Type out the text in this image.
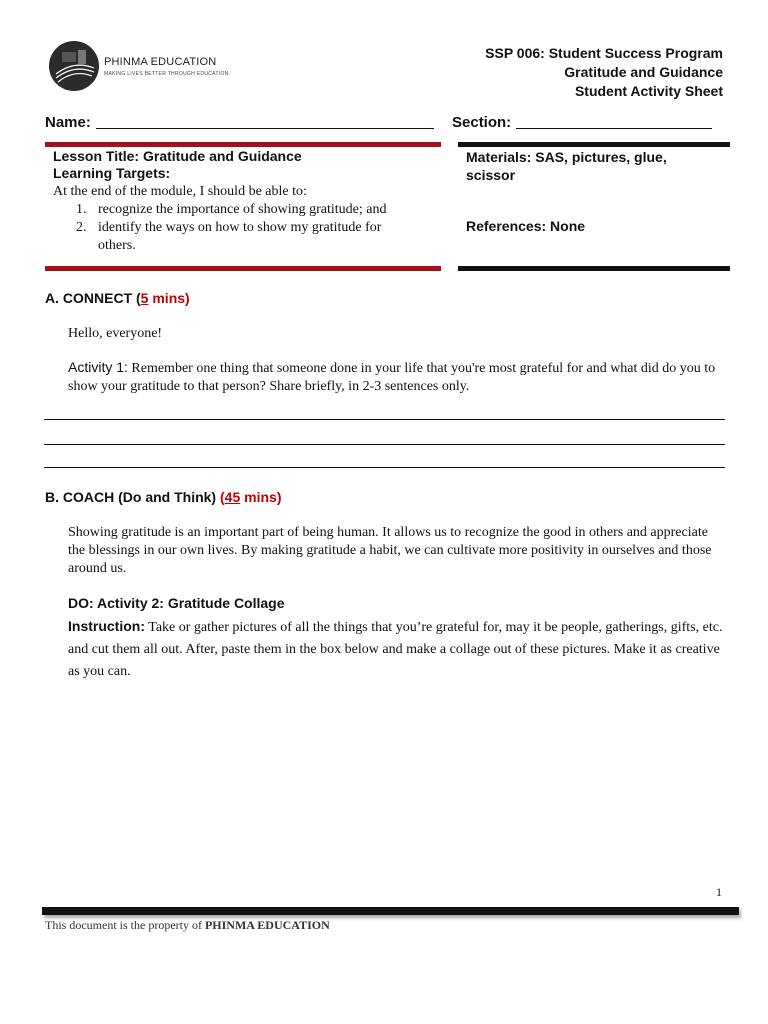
PHINMA EDUCATION
MAKING LIVES BETTER THROUGH EDUCATION
SSP 006: Student Success Program
Gratitude and Guidance
Student Activity Sheet
Name:	Section:
Lesson Title: Gratitude and Guidance
Learning Targets:
At the end of the module, I should be able to:
1. recognize the importance of showing gratitude; and
2. identify the ways on how to show my gratitude for
others.
Materials: SAS, pictures, glue, scissor
References: None
A. CONNECT (5 mins)
Hello, everyone!
Activity 1: Remember one thing that someone done in your life that you're most grateful for and what did do you to show your gratitude to that person? Share briefly, in 2-3 sentences only.
B. COACH (Do and Think) (45 mins)
Showing gratitude is an important part of being human. It allows us to recognize the good in others and appreciate the blessings in our own lives. By making gratitude a habit, we can cultivate more positivity in ourselves and those around us.
DO: Activity 2: Gratitude Collage
Instruction: Take or gather pictures of all the things that you’re grateful for, may it be people, gatherings, gifts, etc. and cut them all out. After, paste them in the box below and make a collage out of these pictures. Make it as creative as you can.
1
This document is the property of PHINMA EDUCATION
